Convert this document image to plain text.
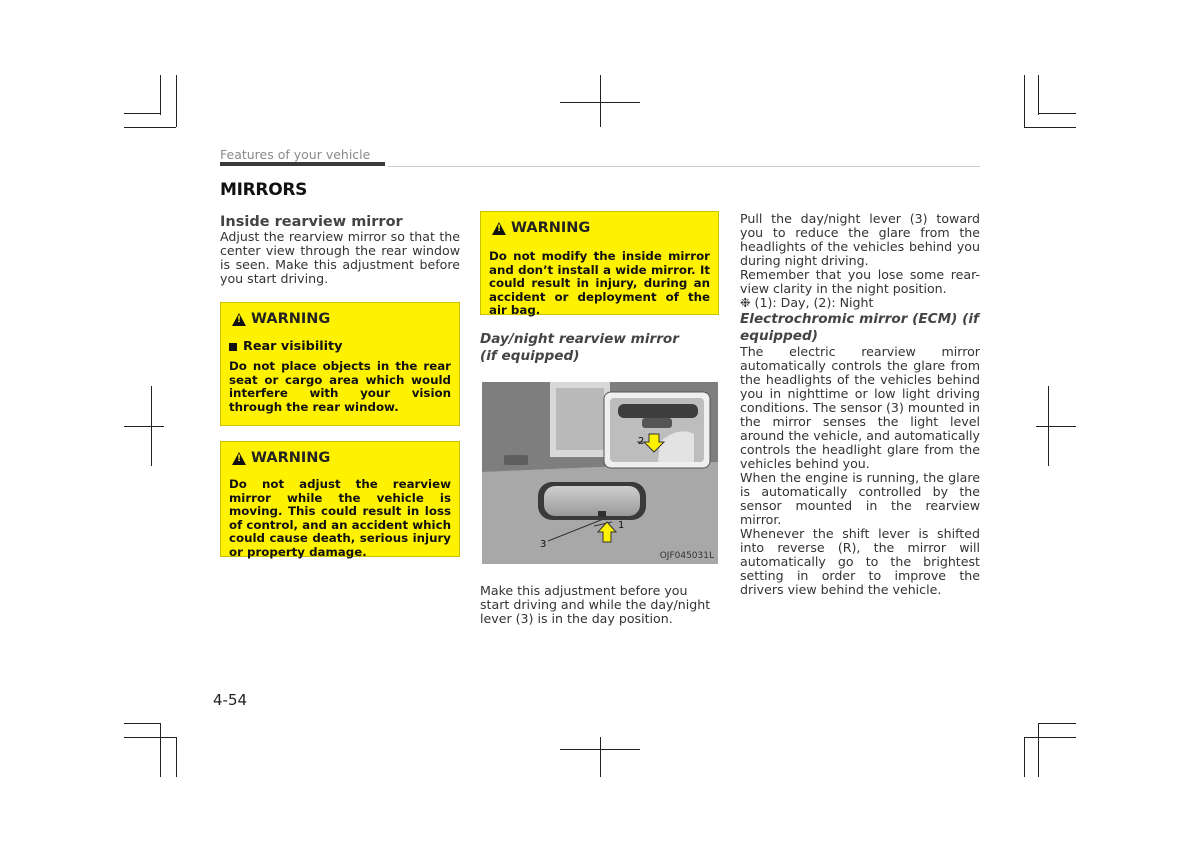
Features of your vehicle
MIRRORS
Inside rearview mirror

Adjust the rearview mirror so that the center view through the rear window is seen. Make this adjustment before you start driving.

!
WARNING
Rear visibility
Do not place objects in the rear seat or cargo area which would interfere with your vision through the rear window.
!
WARNING
Do not adjust the rearview mirror while the vehicle is moving. This could result in loss of control, and an accident which could cause death, serious injury or property damage.
!
WARNING
Do not modify the inside mirror and don’t install a wide mirror. It could result in injury, during an accident or deployment of the air bag.
Day/night rearview mirror (if equipped)
1
2
3
OJF045031L

Make this adjustment before you start driving and while the day/night lever (3) is in the day position.

Pull the day/night lever (3) toward you to reduce the glare from the headlights of the vehicles behind you during night driving.

Remember that you lose some rear-view clarity in the night position.

❉ (1): Day, (2): Night

Electrochromic mirror (ECM) (if equipped)

The electric rearview mirror automatically controls the glare from the headlights of the vehicles behind you in nighttime or low light driving conditions. The sensor (3) mounted in the mirror senses the light level around the vehicle, and automatically controls the headlight glare from the vehicles behind you.

When the engine is running, the glare is automatically controlled by the sensor mounted in the rearview mirror.

Whenever the shift lever is shifted into reverse (R), the mirror will automatically go to the brightest setting in order to improve the drivers view behind the vehicle.

4-54
